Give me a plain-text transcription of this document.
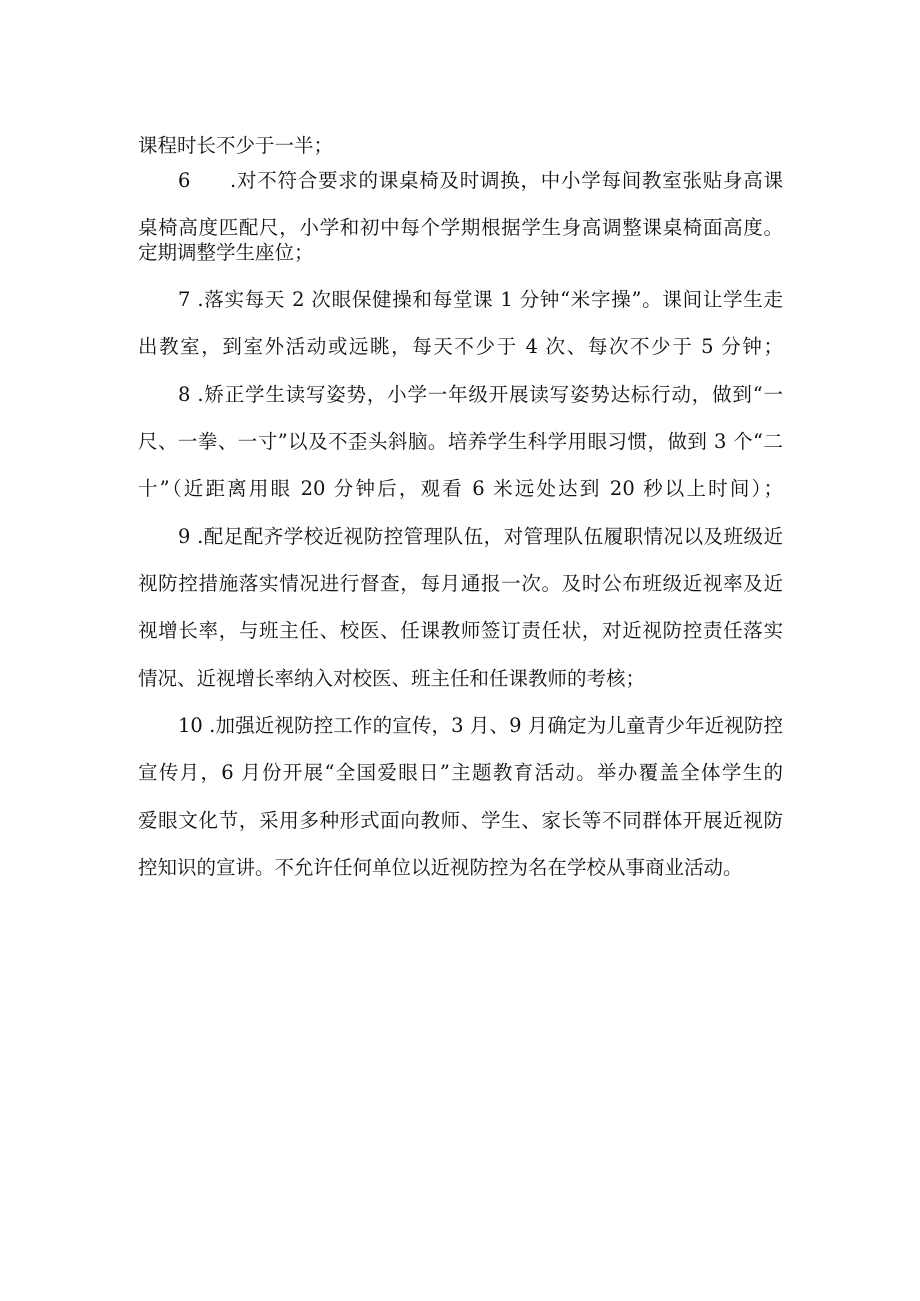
课程时长不少于一半；
6 .对不符合要求的课桌椅及时调换，中小学每间教室张贴身高课
桌椅高度匹配尺，小学和初中每个学期根据学生身高调整课桌椅面高度。
定期调整学生座位；
7 .落实每天 2 次眼保健操和每堂课 1 分钟“米字操”。课间让学生走
出教室，到室外活动或远眺，每天不少于 4 次、每次不少于 5 分钟；
8 .矫正学生读写姿势，小学一年级开展读写姿势达标行动，做到“一
尺、一拳、一寸”以及不歪头斜脑。培养学生科学用眼习惯，做到 3 个“二
十”（近距离用眼 20 分钟后，观看 6 米远处达到 20 秒以上时间）；
9 .配足配齐学校近视防控管理队伍，对管理队伍履职情况以及班级近
视防控措施落实情况进行督查，每月通报一次。及时公布班级近视率及近
视增长率，与班主任、校医、任课教师签订责任状，对近视防控责任落实
情况、近视增长率纳入对校医、班主任和任课教师的考核；
10 .加强近视防控工作的宣传，3 月、9 月确定为儿童青少年近视防控
宣传月，6 月份开展“全国爱眼日”主题教育活动。举办覆盖全体学生的
爱眼文化节，采用多种形式面向教师、学生、家长等不同群体开展近视防
控知识的宣讲。不允许任何单位以近视防控为名在学校从事商业活动。
